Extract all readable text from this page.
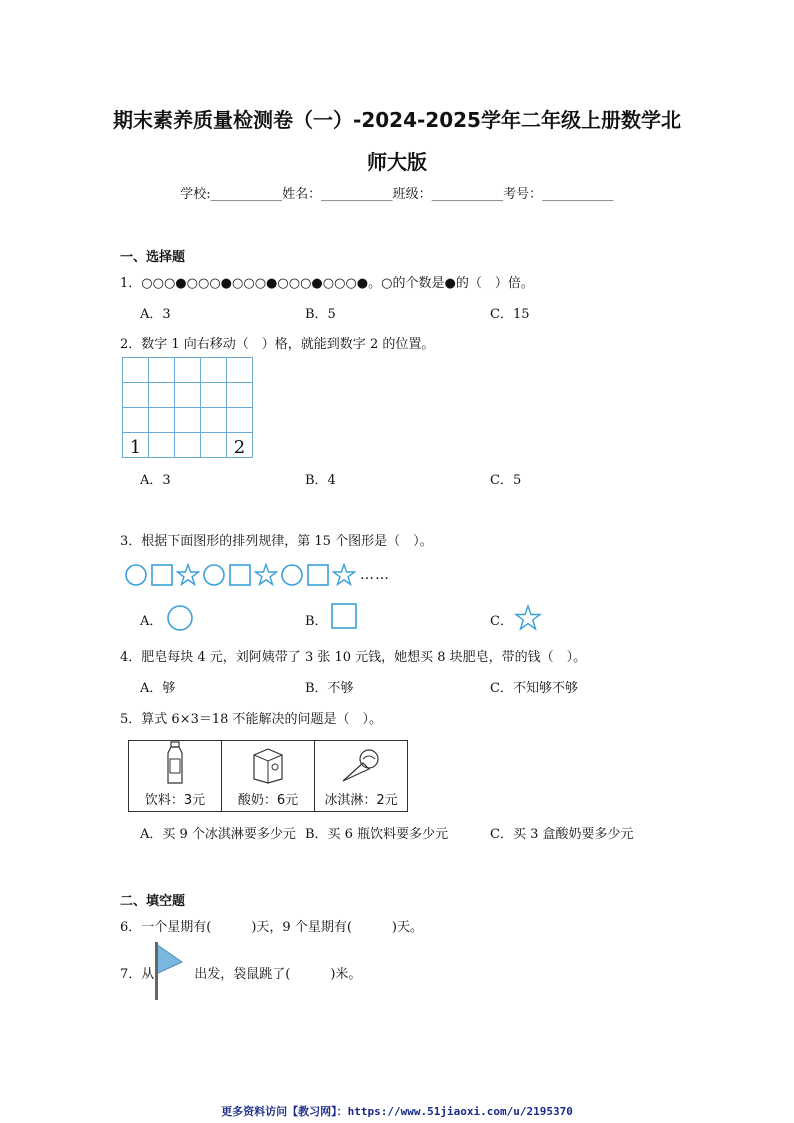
期末素养质量检测卷（一）-2024-2025学年二年级上册数学北
师大版
学校:___________姓名：___________班级：___________考号：___________
一、选择题
1．○○○●○○○●○○○●○○○●○○○●。○的个数是●的（　）倍。
A．3	B．5	C．15
2．数字 1 向右移动（　）格，就能到数字 2 的位置。

1				2
A．3	B．4	C．5
3．根据下面图形的排列规律，第 15 个图形是（　）。
……
A．	B．	C．
4．肥皂每块 4 元，刘阿姨带了 3 张 10 元钱，她想买 8 块肥皂，带的钱（　）。
A．够	B．不够	C．不知够不够
5．算式 6×3＝18 不能解决的问题是（　）。
饮料：3元	酸奶：6元	冰淇淋：2元
A．买 9 个冰淇淋要多少元 B．买 6 瓶饮料要多少元	C．买 3 盒酸奶要多少元
二、填空题
6．一个星期有(	)天，9 个星期有(	)天。
7．从	出发，袋鼠跳了(	)米。
更多资料访问【教习网】：https://www.51jiaoxi.com/u/2195370
